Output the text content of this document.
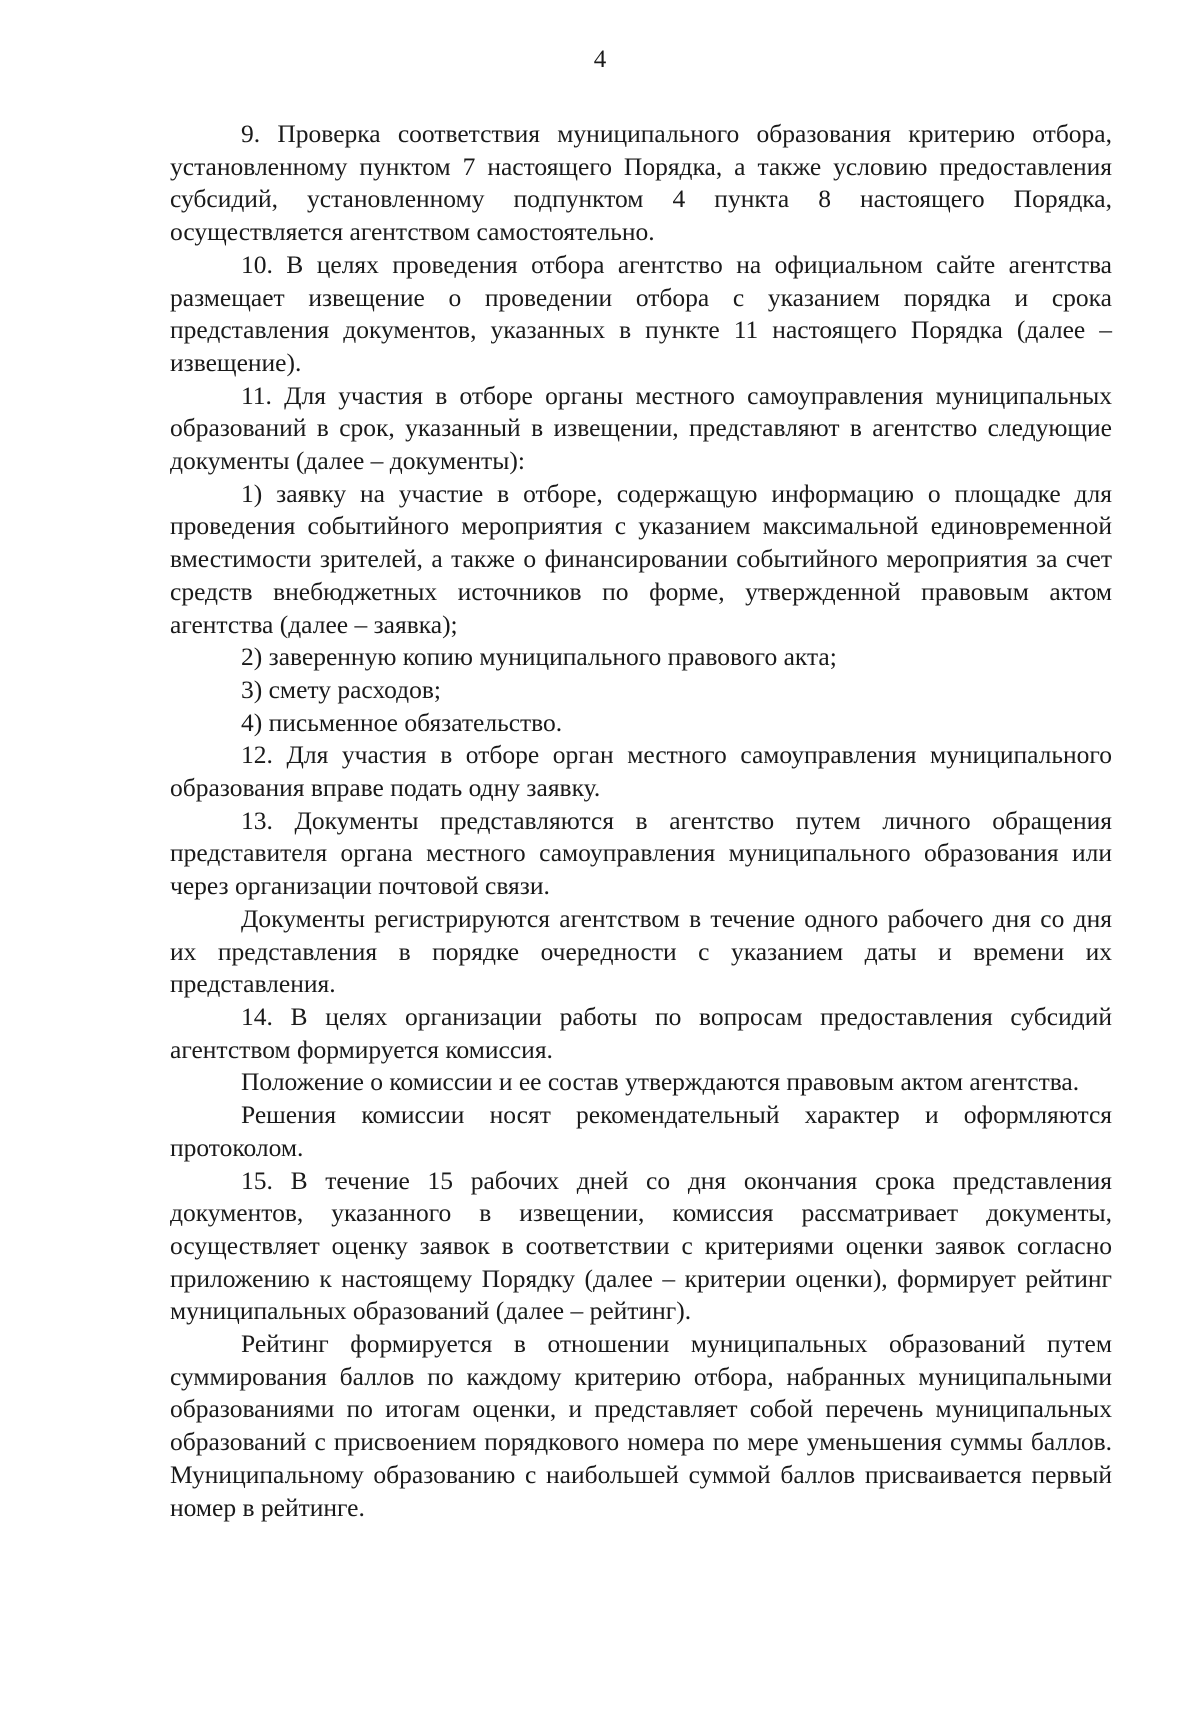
4

9. Проверка соответствия муниципального образования критерию отбора, установленному пунктом 7 настоящего Порядка, а также условию предоставления субсидий, установленному подпунктом 4 пункта 8 настоящего Порядка, осуществляется агентством самостоятельно.

10. В целях проведения отбора агентство на официальном сайте агентства размещает извещение о проведении отбора с указанием порядка и срока представления документов, указанных в пункте 11 настоящего Порядка (далее – извещение).

11. Для участия в отборе органы местного самоуправления муниципальных образований в срок, указанный в извещении, представляют в агентство следующие документы (далее – документы):

1) заявку на участие в отборе, содержащую информацию о площадке для проведения событийного мероприятия с указанием максимальной единовременной вместимости зрителей, а также о финансировании событийного мероприятия за счет средств внебюджетных источников по форме, утвержденной правовым актом агентства (далее – заявка);

2) заверенную копию муниципального правового акта;

3) смету расходов;

4) письменное обязательство.

12. Для участия в отборе орган местного самоуправления муниципального образования вправе подать одну заявку.

13. Документы представляются в агентство путем личного обращения представителя органа местного самоуправления муниципального образования или через организации почтовой связи.

Документы регистрируются агентством в течение одного рабочего дня со дня их представления в порядке очередности с указанием даты и времени их представления.

14. В целях организации работы по вопросам предоставления субсидий агентством формируется комиссия.

Положение о комиссии и ее состав утверждаются правовым актом агентства.

Решения комиссии носят рекомендательный характер и оформляются протоколом.

15. В течение 15 рабочих дней со дня окончания срока представления документов, указанного в извещении, комиссия рассматривает документы, осуществляет оценку заявок в соответствии с критериями оценки заявок согласно приложению к настоящему Порядку (далее – критерии оценки), формирует рейтинг муниципальных образований (далее – рейтинг).

Рейтинг формируется в отношении муниципальных образований путем суммирования баллов по каждому критерию отбора, набранных муниципальными образованиями по итогам оценки, и представляет собой перечень муниципальных образований с присвоением порядкового номера по мере уменьшения суммы баллов. Муниципальному образованию с наибольшей суммой баллов присваивается первый номер в рейтинге.
